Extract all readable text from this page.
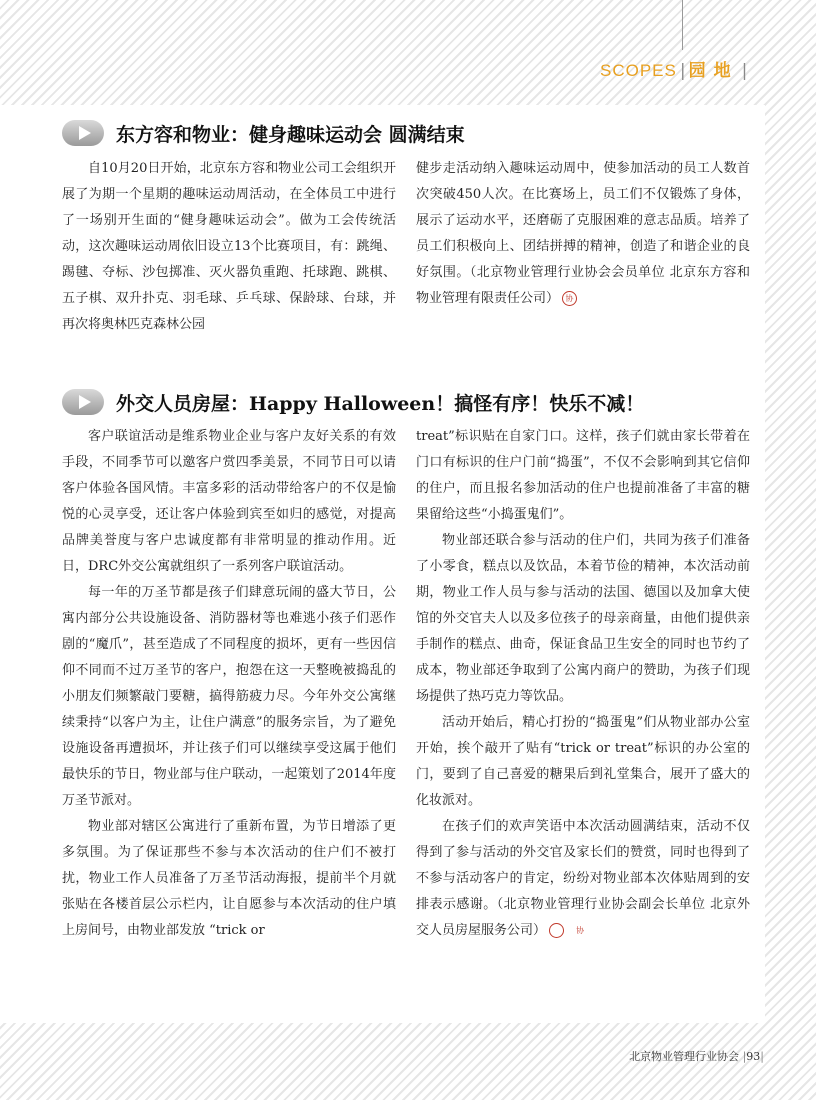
SCOPES | 园地 |
东方容和物业：健身趣味运动会 圆满结束

自10月20日开始，北京东方容和物业公司工会组织开展了为期一个星期的趣味运动周活动，在全体员工中进行了一场别开生面的“健身趣味运动会”。做为工会传统活动，这次趣味运动周依旧设立13个比赛项目，有：跳绳、踢毽、夺标、沙包掷准、灭火器负重跑、托球跑、跳棋、五子棋、双升扑克、羽毛球、乒乓球、保龄球、台球，并再次将奥林匹克森林公园

健步走活动纳入趣味运动周中，使参加活动的员工人数首次突破450人次。在比赛场上，员工们不仅锻炼了身体，展示了运动水平，还磨砺了克服困难的意志品质。培养了员工们积极向上、团结拼搏的精神，创造了和谐企业的良好氛围。（北京物业管理行业协会会员单位 北京东方容和物业管理有限责任公司） 协

外交人员房屋：Happy Halloween！搞怪有序！快乐不减！

客户联谊活动是维系物业企业与客户友好关系的有效手段，不同季节可以邀客户赏四季美景，不同节日可以请客户体验各国风情。丰富多彩的活动带给客户的不仅是愉悦的心灵享受，还让客户体验到宾至如归的感觉，对提高品牌美誉度与客户忠诚度都有非常明显的推动作用。近日，DRC外交公寓就组织了一系列客户联谊活动。

每一年的万圣节都是孩子们肆意玩闹的盛大节日，公寓内部分公共设施设备、消防器材等也难逃小孩子们恶作剧的“魔爪”，甚至造成了不同程度的损坏，更有一些因信仰不同而不过万圣节的客户，抱怨在这一天整晚被捣乱的小朋友们频繁敲门要糖，搞得筋疲力尽。今年外交公寓继续秉持“以客户为主，让住户满意”的服务宗旨，为了避免设施设备再遭损坏，并让孩子们可以继续享受这属于他们最快乐的节日，物业部与住户联动，一起策划了2014年度万圣节派对。

物业部对辖区公寓进行了重新布置，为节日增添了更多氛围。为了保证那些不参与本次活动的住户们不被打扰，物业工作人员准备了万圣节活动海报，提前半个月就张贴在各楼首层公示栏内，让自愿参与本次活动的住户填上房间号，由物业部发放 “trick or

treat”标识贴在自家门口。这样，孩子们就由家长带着在门口有标识的住户门前“捣蛋”，不仅不会影响到其它信仰的住户，而且报名参加活动的住户也提前准备了丰富的糖果留给这些“小捣蛋鬼们”。

物业部还联合参与活动的住户们，共同为孩子们准备了小零食，糕点以及饮品，本着节俭的精神，本次活动前期，物业工作人员与参与活动的法国、德国以及加拿大使馆的外交官夫人以及多位孩子的母亲商量，由他们提供亲手制作的糕点、曲奇，保证食品卫生安全的同时也节约了成本，物业部还争取到了公寓内商户的赞助，为孩子们现场提供了热巧克力等饮品。

活动开始后，精心打扮的“捣蛋鬼”们从物业部办公室开始，挨个敲开了贴有“trick or treat”标识的办公室的门，要到了自己喜爱的糖果后到礼堂集合，展开了盛大的化妆派对。

在孩子们的欢声笑语中本次活动圆满结束，活动不仅得到了参与活动的外交官及家长们的赞赏，同时也得到了不参与活动客户的肯定，纷纷对物业部本次体贴周到的安排表示感谢。（北京物业管理行业协会副会长单位 北京外交人员房屋服务公司）	协

北京物业管理行业协会 |93|
